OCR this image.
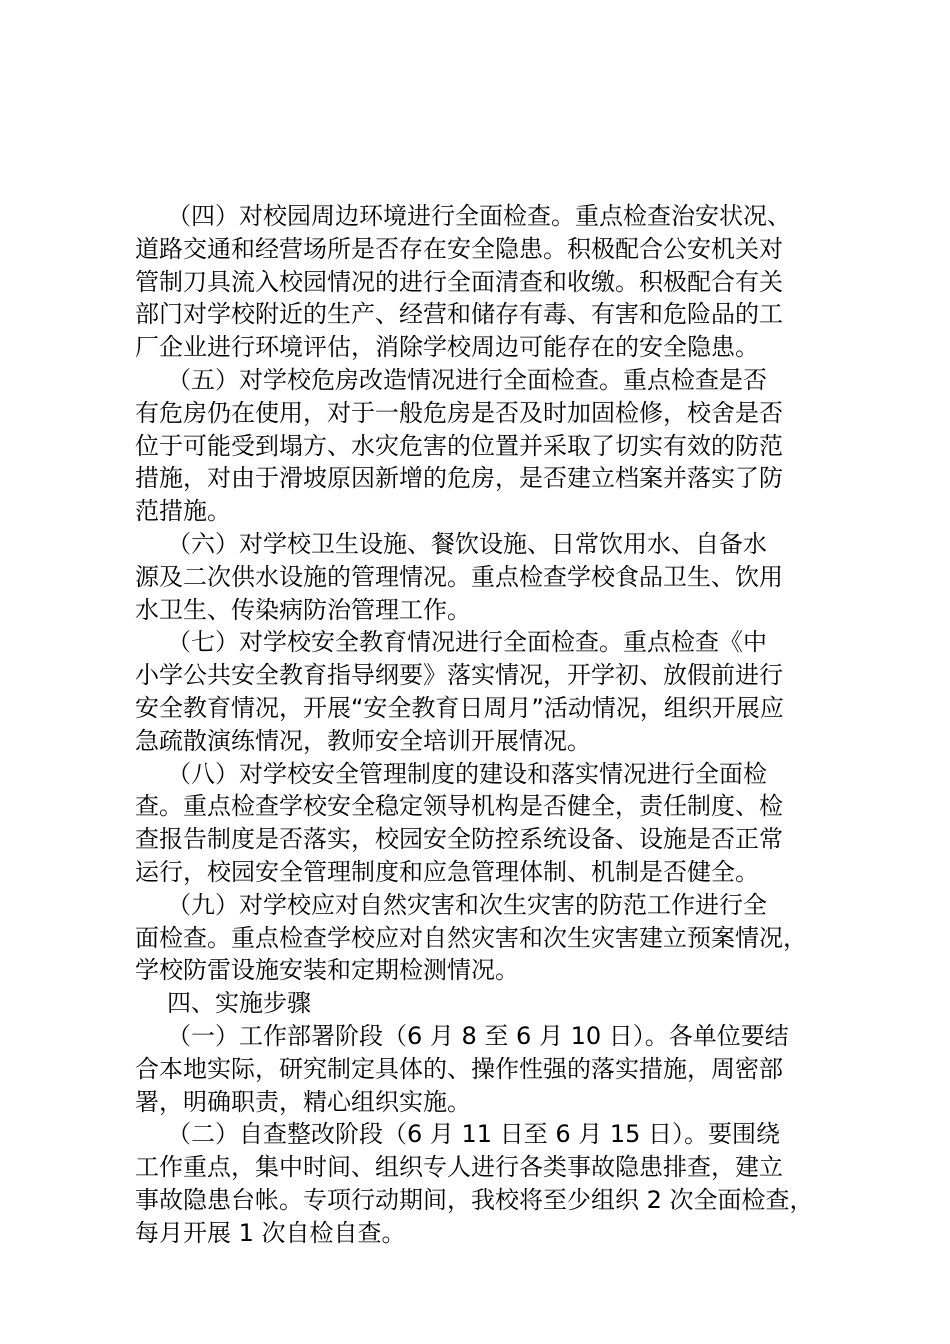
（四）对校园周边环境进行全面检查。重点检查治安状况、
道路交通和经营场所是否存在安全隐患。积极配合公安机关对
管制刀具流入校园情况的进行全面清查和收缴。积极配合有关
部门对学校附近的生产、经营和储存有毒、有害和危险品的工
厂企业进行环境评估，消除学校周边可能存在的安全隐患。

（五）对学校危房改造情况进行全面检查。重点检查是否
有危房仍在使用，对于一般危房是否及时加固检修，校舍是否
位于可能受到塌方、水灾危害的位置并采取了切实有效的防范
措施，对由于滑坡原因新增的危房，是否建立档案并落实了防
范措施。

（六）对学校卫生设施、餐饮设施、日常饮用水、自备水
源及二次供水设施的管理情况。重点检查学校食品卫生、饮用
水卫生、传染病防治管理工作。

（七）对学校安全教育情况进行全面检查。重点检查《中
小学公共安全教育指导纲要》落实情况，开学初、放假前进行
安全教育情况，开展“安全教育日周月”活动情况，组织开展应
急疏散演练情况，教师安全培训开展情况。

（八）对学校安全管理制度的建设和落实情况进行全面检
查。重点检查学校安全稳定领导机构是否健全，责任制度、检
查报告制度是否落实，校园安全防控系统设备、设施是否正常
运行，校园安全管理制度和应急管理体制、机制是否健全。

（九）对学校应对自然灾害和次生灾害的防范工作进行全
面检查。重点检查学校应对自然灾害和次生灾害建立预案情况，
学校防雷设施安装和定期检测情况。

四、实施步骤

（一）工作部署阶段（6 月 8 至 6 月 10 日）。各单位要结
合本地实际，研究制定具体的、操作性强的落实措施，周密部
署，明确职责，精心组织实施。

（二）自查整改阶段（6 月 11 日至 6 月 15 日）。要围绕
工作重点，集中时间、组织专人进行各类事故隐患排查，建立
事故隐患台帐。专项行动期间，我校将至少组织 2 次全面检查，
每月开展 1 次自检自查。
